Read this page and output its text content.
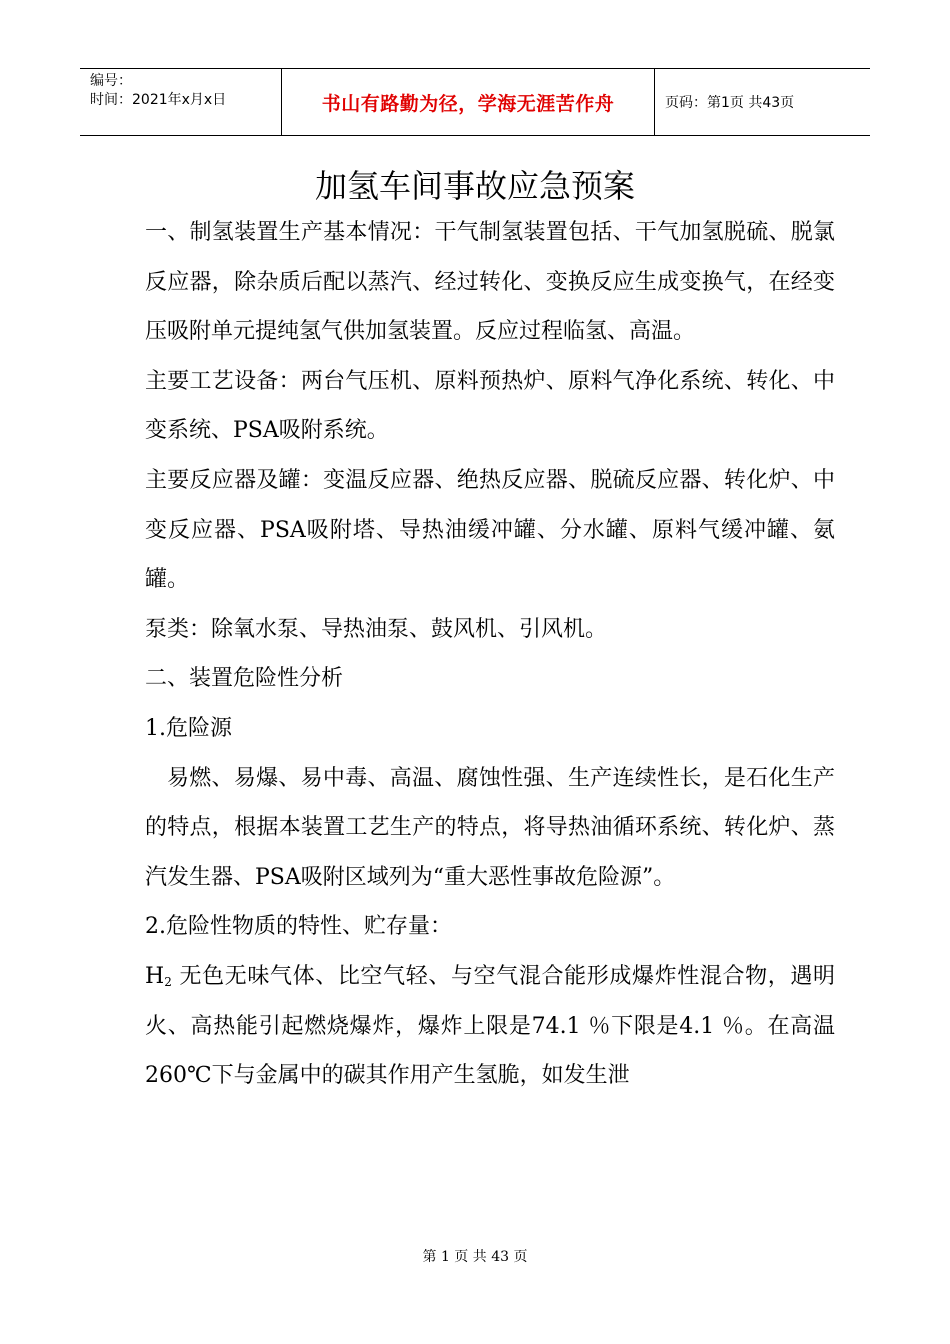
编号：
时间：2021年x月x日	书山有路勤为径，学海无涯苦作舟	页码：第1页 共43页
加氢车间事故应急预案

一、制氢装置生产基本情况：干气制氢装置包括、干气加氢脱硫、脱氯反应器，除杂质后配以蒸汽、经过转化、变换反应生成变换气，在经变压吸附单元提纯氢气供加氢装置。反应过程临氢、高温。

主要工艺设备：两台气压机、原料预热炉、原料气净化系统、转化、中变系统、PSA吸附系统。

主要反应器及罐：变温反应器、绝热反应器、脱硫反应器、转化炉、中变反应器、PSA吸附塔、导热油缓冲罐、分水罐、原料气缓冲罐、氨罐。

泵类：除氧水泵、导热油泵、鼓风机、引风机。

二、装置危险性分析

1.危险源

易燃、易爆、易中毒、高温、腐蚀性强、生产连续性长，是石化生产的特点，根据本装置工艺生产的特点，将导热油循环系统、转化炉、蒸汽发生器、PSA吸附区域列为“重大恶性事故危险源”。

2.危险性物质的特性、贮存量：

$H_2$ 无色无味气体、比空气轻、与空气混合能形成爆炸性混合物，遇明火、高热能引起燃烧爆炸，爆炸上限是74.1 ％下限是4.1 ％。在高温260℃下与金属中的碳其作用产生氢脆，如发生泄

第 1 页 共 43 页
